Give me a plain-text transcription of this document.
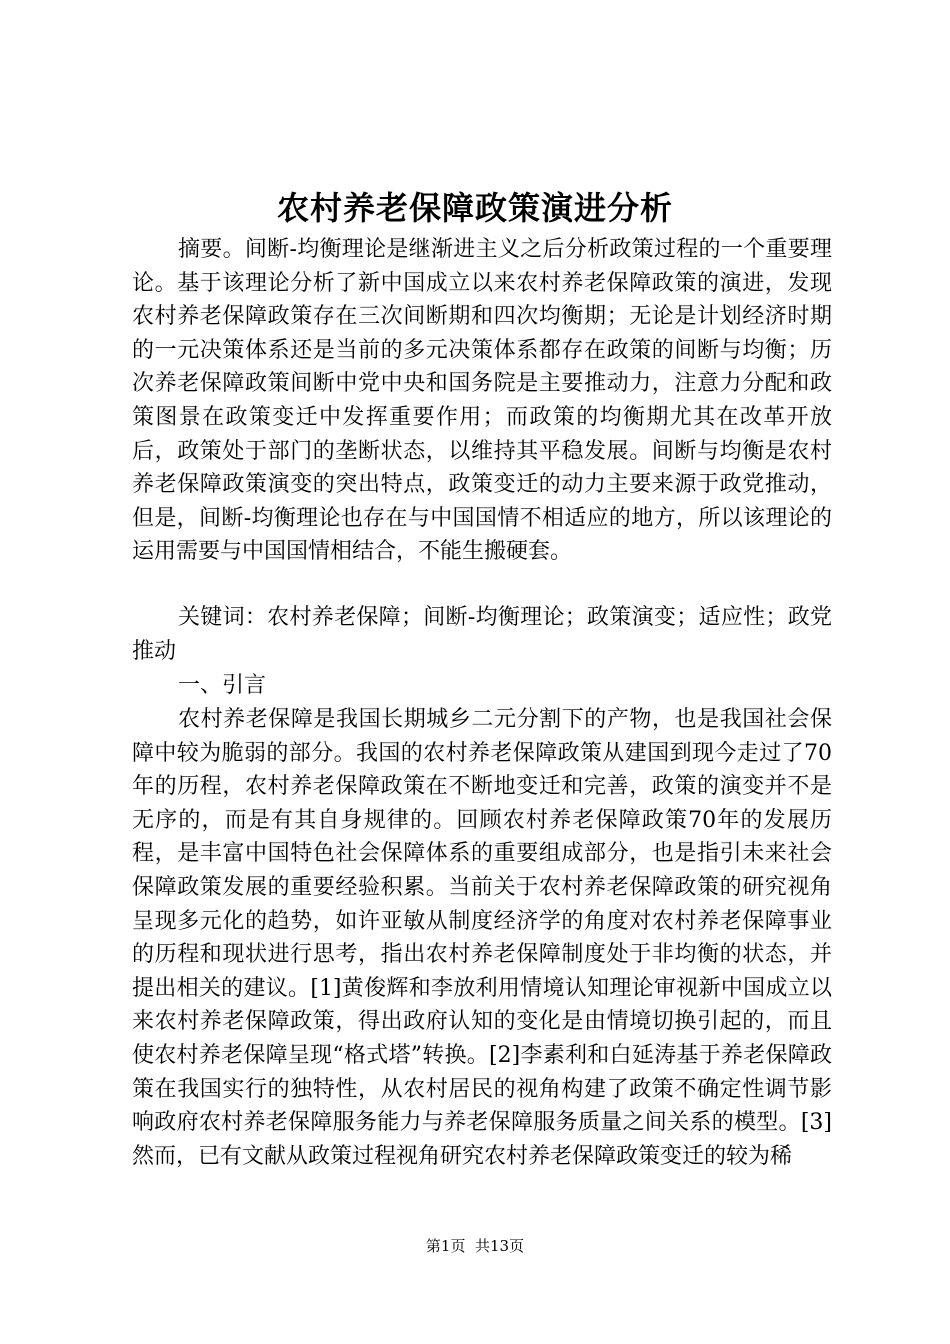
农村养老保障政策演进分析

摘要。间断-均衡理论是继渐进主义之后分析政策过程的一个重要理论。基于该理论分析了新中国成立以来农村养老保障政策的演进，发现农村养老保障政策存在三次间断期和四次均衡期；无论是计划经济时期的一元决策体系还是当前的多元决策体系都存在政策的间断与均衡；历次养老保障政策间断中党中央和国务院是主要推动力，注意力分配和政策图景在政策变迁中发挥重要作用；而政策的均衡期尤其在改革开放后，政策处于部门的垄断状态，以维持其平稳发展。间断与均衡是农村养老保障政策演变的突出特点，政策变迁的动力主要来源于政党推动，但是，间断-均衡理论也存在与中国国情不相适应的地方，所以该理论的运用需要与中国国情相结合，不能生搬硬套。

关键词：农村养老保障；间断-均衡理论；政策演变；适应性；政党推动

一、引言

农村养老保障是我国长期城乡二元分割下的产物，也是我国社会保障中较为脆弱的部分。我国的农村养老保障政策从建国到现今走过了70年的历程，农村养老保障政策在不断地变迁和完善，政策的演变并不是无序的，而是有其自身规律的。回顾农村养老保障政策70年的发展历程，是丰富中国特色社会保障体系的重要组成部分，也是指引未来社会保障政策发展的重要经验积累。当前关于农村养老保障政策的研究视角呈现多元化的趋势，如许亚敏从制度经济学的角度对农村养老保障事业的历程和现状进行思考，指出农村养老保障制度处于非均衡的状态，并提出相关的建议。[1]黄俊辉和李放利用情境认知理论审视新中国成立以来农村养老保障政策，得出政府认知的变化是由情境切换引起的，而且使农村养老保障呈现“格式塔”转换。[2]李素利和白延涛基于养老保障政策在我国实行的独特性，从农村居民的视角构建了政策不确定性调节影响政府农村养老保障服务能力与养老保障服务质量之间关系的模型。[3]然而，已有文献从政策过程视角研究农村养老保障政策变迁的较为稀

第1页 共13页
